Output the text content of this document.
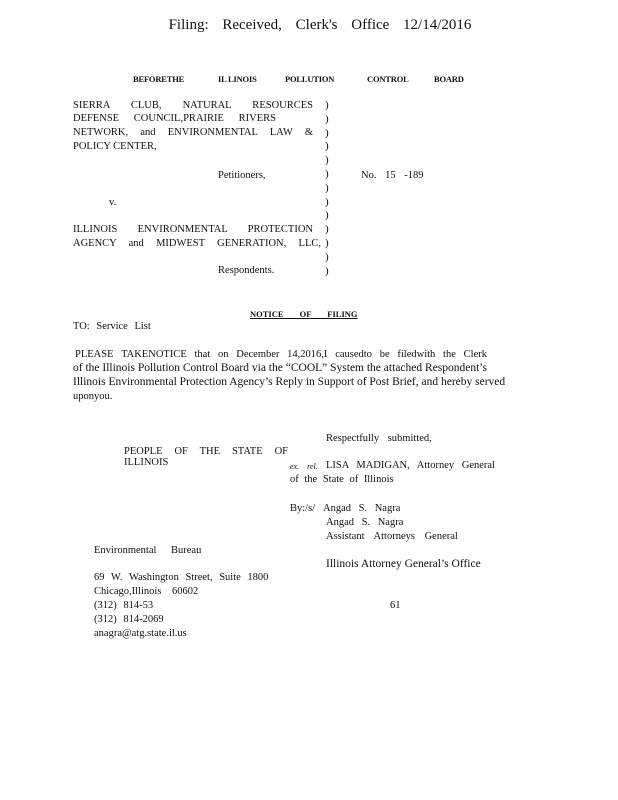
Filing: Received, Clerk's Office 12/14/2016
BEFORETHE	IL LINOIS	POLLUTION	CONTROL	BOARD
SIERRA CLUB, NATURAL RESOURCES
DEFENSE COUNCIL,PRAIRIE RIVERS
NETWORK, and ENVIRONMENTAL LAW &
POLICY CENTER,
Petitioners,	No. 15 -189
v.
ILLINOIS ENVIRONMENTAL PROTECTION
AGENCY and MIDWEST GENERATION, LLC,
Respondents.
)
)
)
)
)
)
)
)
)
)
)
)
)
NOTICE OF FILING
TO: Service List
PLEASE TAKENOTICE that on December 14,2016,I causedto be filedwith the Clerk
of the Illinois Pollution Control Board via the “COOL” System the attached Respondent’s
Illinois Environmental Protection Agency’s Reply in Support of Post Brief, and hereby served
uponyou.
Respectfully submitted,
PEOPLE OF THE STATE OF ILLINOIS	ex. rel. LISA MADIGAN, Attorney General
of the State of Illinois
By:/s/ Angad S. Nagra
Angad S. Nagra
Assistant Attorneys General
Environmental Bureau
Illinois Attorney General’s Office
69 W. Washington Street, Suite 1800
Chicago,Illinois 60602
(312) 814-53	61
(312) 814-2069
anagra@atg.state.il.us
